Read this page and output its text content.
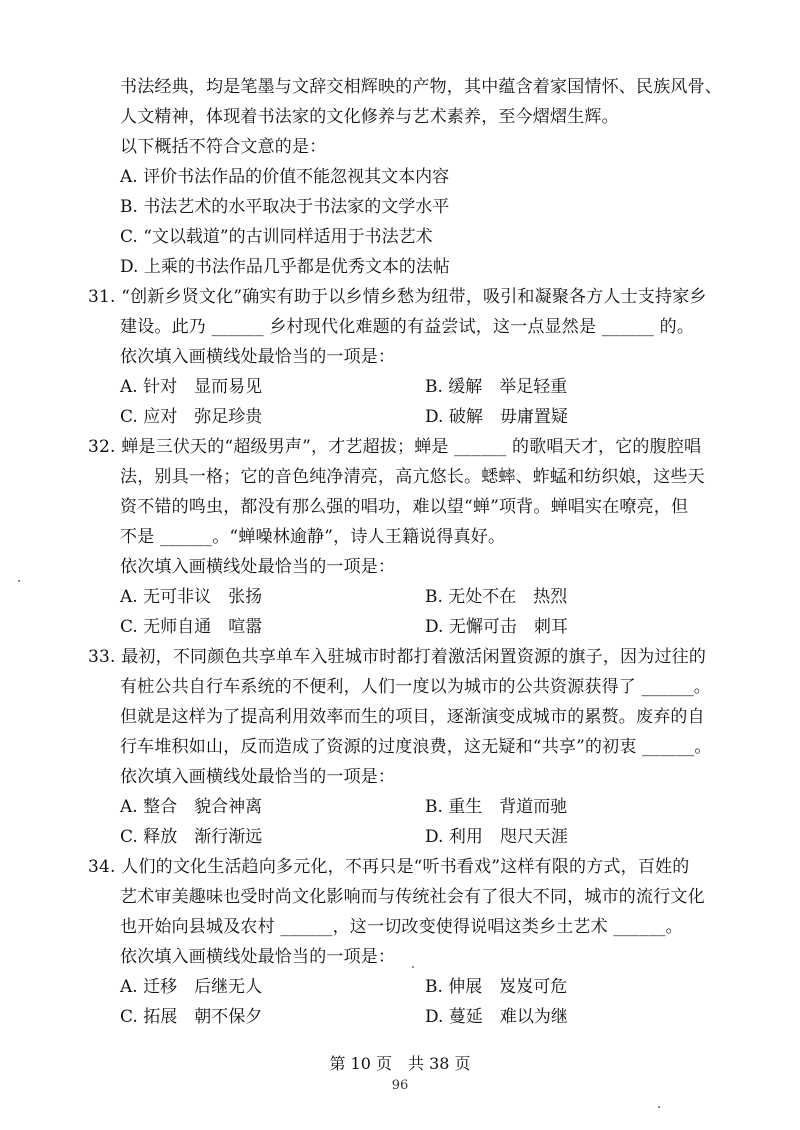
书法经典，均是笔墨与文辞交相辉映的产物，其中蕴含着家国情怀、民族风骨、
人文精神，体现着书法家的文化修养与艺术素养，至今熠熠生辉。
以下概括不符合文意的是：
A. 评价书法作品的价值不能忽视其文本内容
B. 书法艺术的水平取决于书法家的文学水平
C. “文以载道”的古训同样适用于书法艺术
D. 上乘的书法作品几乎都是优秀文本的法帖
31. “创新乡贤文化”确实有助于以乡情乡愁为纽带，吸引和凝聚各方人士支持家乡
建设。此乃 ______ 乡村现代化难题的有益尝试，这一点显然是 ______ 的。
依次填入画横线处最恰当的一项是：
A. 针对　显而易见	B. 缓解　举足轻重
C. 应对　弥足珍贵	D. 破解　毋庸置疑
32. 蝉是三伏天的“超级男声”，才艺超拔；蝉是 ______ 的歌唱天才，它的腹腔唱
法，别具一格；它的音色纯净清亮，高亢悠长。蟋蟀、蚱蜢和纺织娘，这些天
资不错的鸣虫，都没有那么强的唱功，难以望“蝉”项背。蝉唱实在嘹亮，但
不是 ______。“蝉噪林逾静”，诗人王籍说得真好。
依次填入画横线处最恰当的一项是：
A. 无可非议　张扬	B. 无处不在　热烈
C. 无师自通　喧嚣	D. 无懈可击　刺耳
33. 最初，不同颜色共享单车入驻城市时都打着激活闲置资源的旗子，因为过往的
有桩公共自行车系统的不便利，人们一度以为城市的公共资源获得了 ______。
但就是这样为了提高利用效率而生的项目，逐渐演变成城市的累赘。废弃的自
行车堆积如山，反而造成了资源的过度浪费，这无疑和“共享”的初衷 ______。
依次填入画横线处最恰当的一项是：
A. 整合　貌合神离	B. 重生　背道而驰
C. 释放　渐行渐远	D. 利用　咫尺天涯
34. 人们的文化生活趋向多元化，不再只是“听书看戏”这样有限的方式，百姓的
艺术审美趣味也受时尚文化影响而与传统社会有了很大不同，城市的流行文化
也开始向县城及农村 ______，这一切改变使得说唱这类乡土艺术 ______。
依次填入画横线处最恰当的一项是：
A. 迁移　后继无人	B. 伸展　岌岌可危
C. 拓展　朝不保夕	D. 蔓延　难以为继
第 10 页　共 38 页
96
